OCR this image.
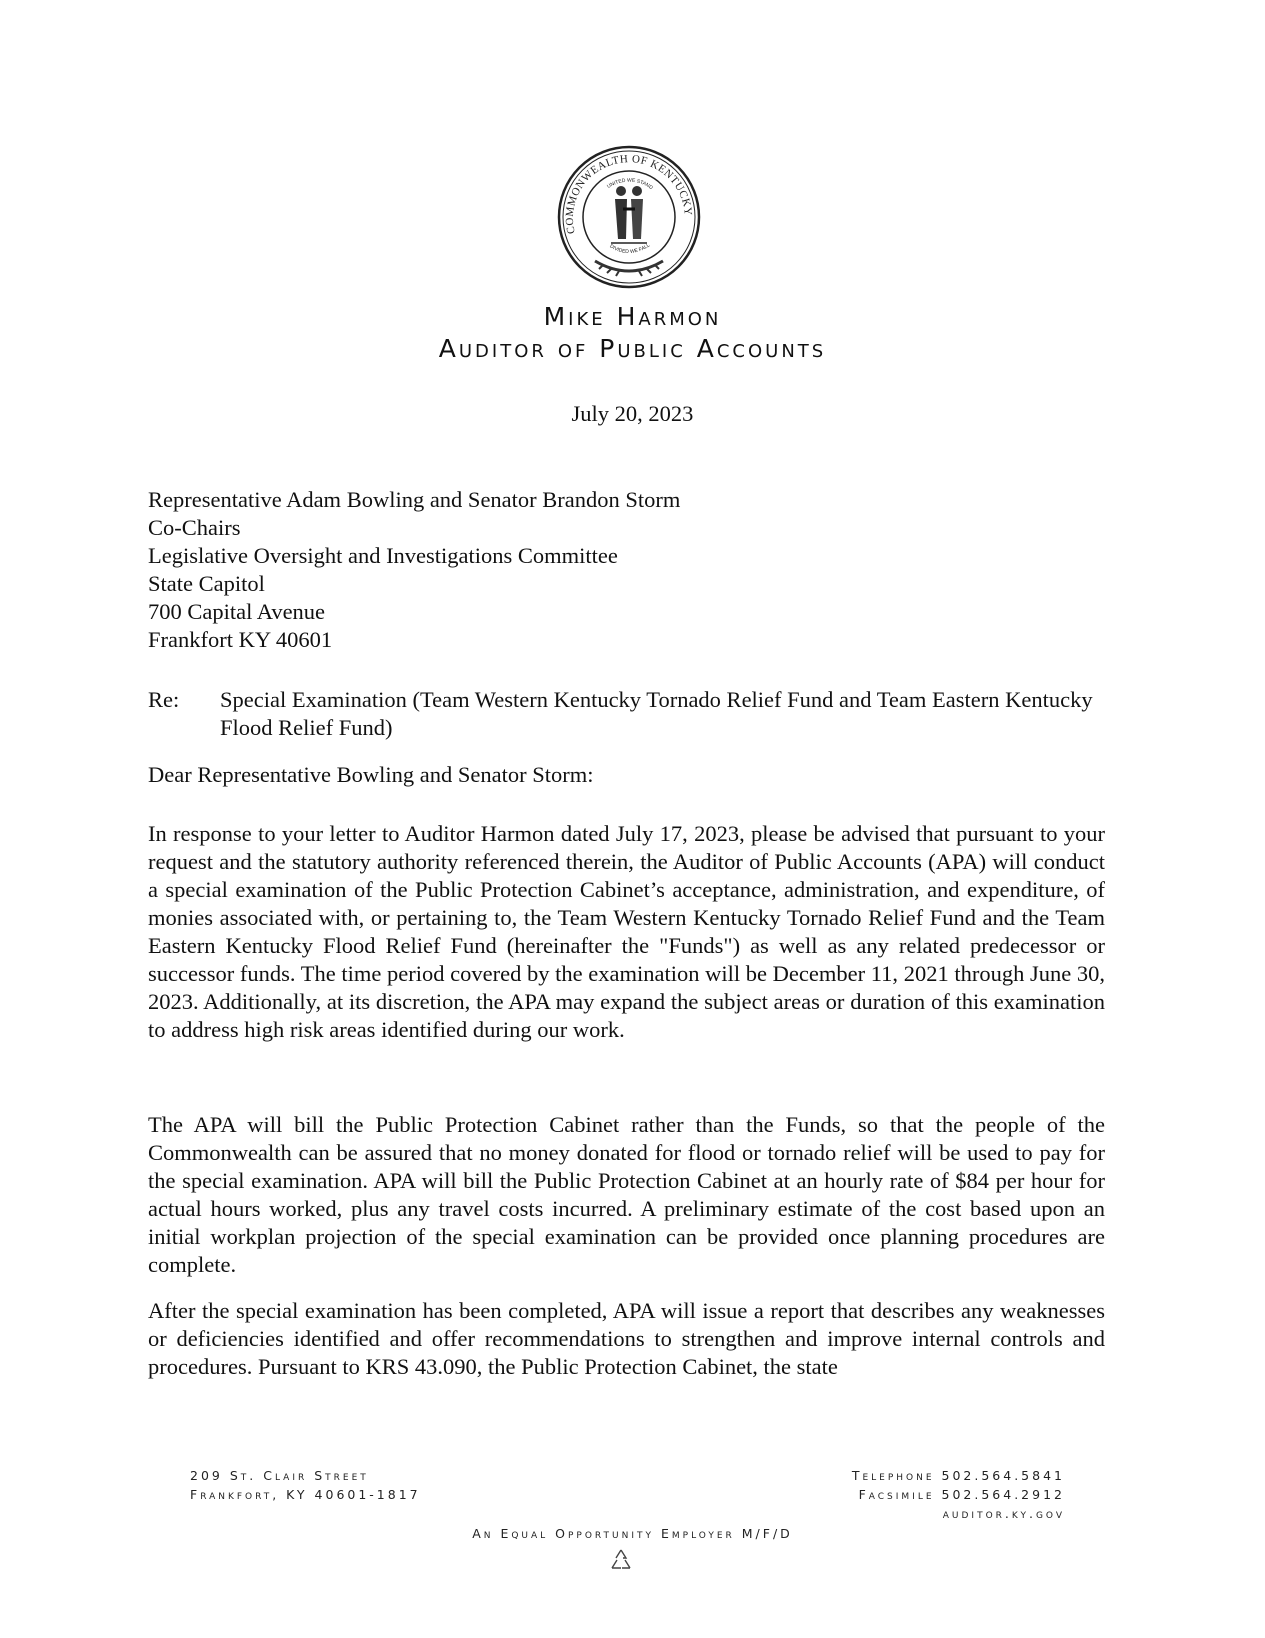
COMMONWEALTH OF KENTUCKY
UNITED WE STAND
DIVIDED WE FALL
Mike Harmon
Auditor of Public Accounts
July 20, 2023
Representative Adam Bowling and Senator Brandon Storm
Co-Chairs
Legislative Oversight and Investigations Committee
State Capitol
700 Capital Avenue
Frankfort KY 40601
Re: Special Examination (Team Western Kentucky Tornado Relief Fund and Team Eastern Kentucky Flood Relief Fund)
Dear Representative Bowling and Senator Storm:

In response to your letter to Auditor Harmon dated July 17, 2023, please be advised that pursuant to your request and the statutory authority referenced therein, the Auditor of Public Accounts (APA) will conduct a special examination of the Public Protection Cabinet’s acceptance, administration, and expenditure, of monies associated with, or pertaining to, the Team Western Kentucky Tornado Relief Fund and the Team Eastern Kentucky Flood Relief Fund (hereinafter the "Funds") as well as any related predecessor or successor funds. The time period covered by the examination will be December 11, 2021 through June 30, 2023. Additionally, at its discretion, the APA may expand the subject areas or duration of this examination to address high risk areas identified during our work.

The APA will bill the Public Protection Cabinet rather than the Funds, so that the people of the Commonwealth can be assured that no money donated for flood or tornado relief will be used to pay for the special examination. APA will bill the Public Protection Cabinet at an hourly rate of $84 per hour for actual hours worked, plus any travel costs incurred. A preliminary estimate of the cost based upon an initial workplan projection of the special examination can be provided once planning procedures are complete.

After the special examination has been completed, APA will issue a report that describes any weaknesses or deficiencies identified and offer recommendations to strengthen and improve internal controls and procedures. Pursuant to KRS 43.090, the Public Protection Cabinet, the state

209 St. Clair Street
Frankfort, KY 40601-1817
Telephone 502.564.5841
Facsimile 502.564.2912
auditor.ky.gov
An Equal Opportunity Employer M/F/D
